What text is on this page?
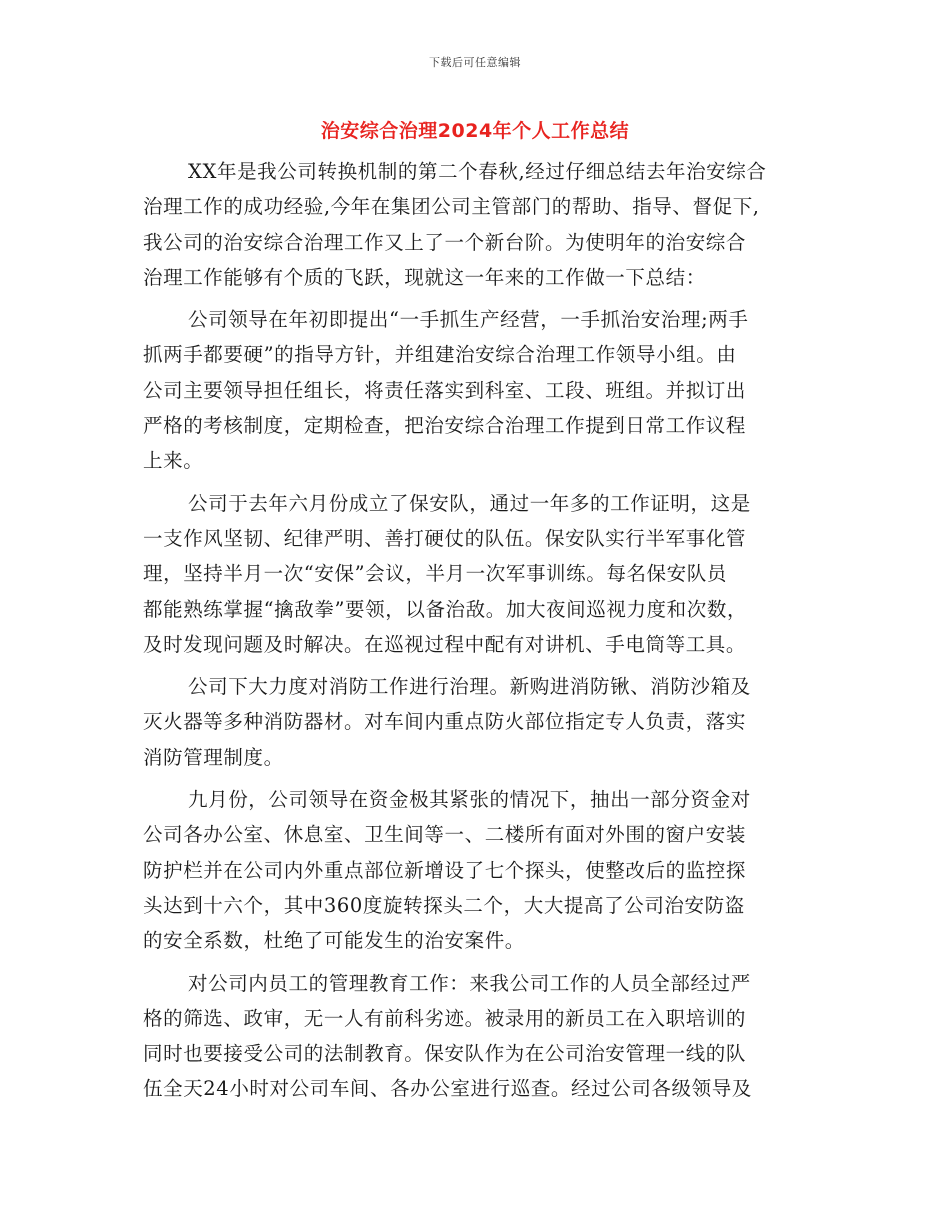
下载后可任意编辑
治安综合治理2024年个人工作总结

XX年是我公司转换机制的第二个春秋,经过仔细总结去年治安综合

治理工作的成功经验,今年在集团公司主管部门的帮助、指导、督促下,

我公司的治安综合治理工作又上了一个新台阶。为使明年的治安综合

治理工作能够有个质的飞跃，现就这一年来的工作做一下总结：

公司领导在年初即提出“一手抓生产经营，一手抓治安治理;两手

抓两手都要硬”的指导方针，并组建治安综合治理工作领导小组。由

公司主要领导担任组长，将责任落实到科室、工段、班组。并拟订出

严格的考核制度，定期检查，把治安综合治理工作提到日常工作议程

上来。

公司于去年六月份成立了保安队，通过一年多的工作证明，这是

一支作风坚韧、纪律严明、善打硬仗的队伍。保安队实行半军事化管

理，坚持半月一次“安保”会议，半月一次军事训练。每名保安队员

都能熟练掌握“擒敌拳”要领，以备治敌。加大夜间巡视力度和次数，

及时发现问题及时解决。在巡视过程中配有对讲机、手电筒等工具。

公司下大力度对消防工作进行治理。新购进消防锹、消防沙箱及

灭火器等多种消防器材。对车间内重点防火部位指定专人负责，落实

消防管理制度。

九月份，公司领导在资金极其紧张的情况下，抽出一部分资金对

公司各办公室、休息室、卫生间等一、二楼所有面对外围的窗户安装

防护栏并在公司内外重点部位新增设了七个探头，使整改后的监控探

头达到十六个，其中360度旋转探头二个，大大提高了公司治安防盗

的安全系数，杜绝了可能发生的治安案件。

对公司内员工的管理教育工作：来我公司工作的人员全部经过严

格的筛选、政审，无一人有前科劣迹。被录用的新员工在入职培训的

同时也要接受公司的法制教育。保安队作为在公司治安管理一线的队

伍全天24小时对公司车间、各办公室进行巡查。经过公司各级领导及
